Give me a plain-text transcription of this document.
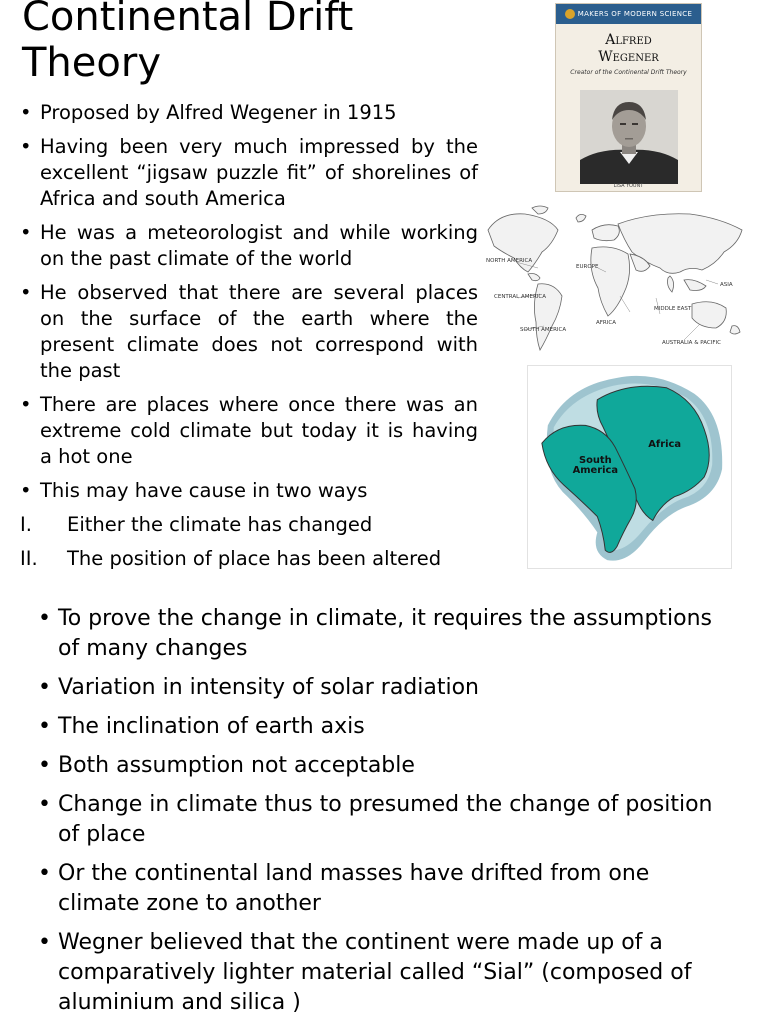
Continental Drift Theory
• Proposed by Alfred Wegener in 1915
• Having been very much impressed by the excellent “jigsaw puzzle fit” of shorelines of Africa and south America
• He was a meteorologist and while working on the past climate of the world
• He observed that there are several places on the surface of the earth where the present climate does not correspond with the past
• There are places where once there was an extreme cold climate but today it is having a hot one
• This may have cause in two ways
I. Either the climate has changed
II. The position of place has been altered
• To prove the change in climate, it requires the assumptions of many changes
• Variation in intensity of solar radiation
• The inclination of earth axis
• Both assumption not acceptable
• Change in climate thus to presumed the change of position of place
• Or the continental land masses have drifted from one climate zone to another
• Wegner believed that the continent were made up of a comparatively lighter material called “Sial” (composed of aluminium and silica )
MAKERS OF MODERN SCIENCE
Alfred
Wegener
Creator of the Continental Drift Theory
LISA YOUNT
NORTH AMERICA
CENTRAL AMERICA
SOUTH AMERICA
EUROPE
AFRICA
MIDDLE EAST
ASIA
AUSTRALIA & PACIFIC
Africa
South
America
